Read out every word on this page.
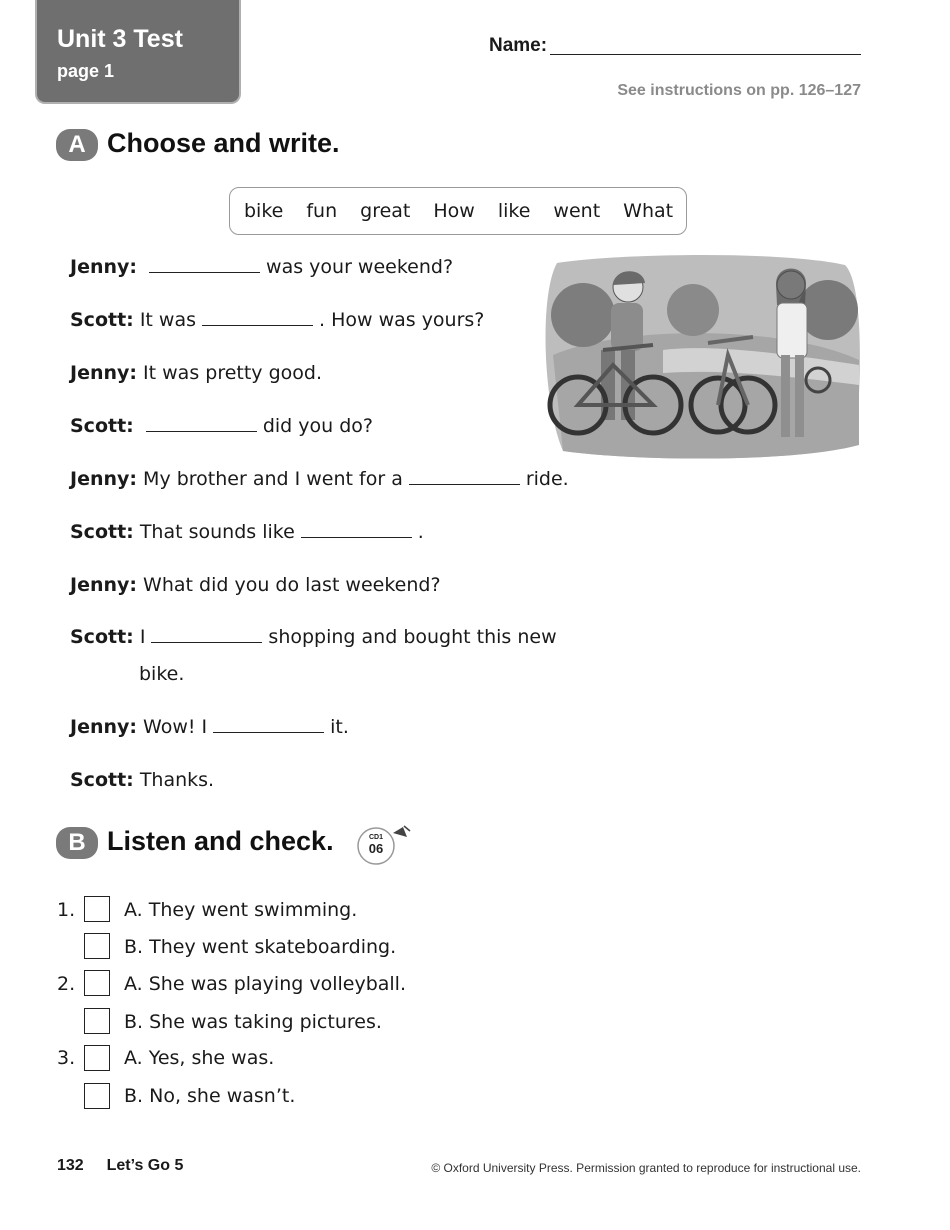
Unit 3 Test
page 1
Name:
See instructions on pp. 126–127
A Choose and write.
bike fun great How like went What
Jenny:	was your weekend?
Scott: It was	. How was yours?
Jenny: It was pretty good.
Scott:	did you do?
Jenny: My brother and I went for a	ride.
Scott: That sounds like	.
Jenny: What did you do last weekend?
Scott: I	shopping and bought this new
bike.
Jenny: Wow! I	it.
Scott: Thanks.
B Listen and check.	CD1
06
1.	A. They went swimming.
B. They went skateboarding.
2.	A. She was playing volleyball.
B. She was taking pictures.
3.	A. Yes, she was.
B. No, she wasn’t.
132 Let’s Go 5	© Oxford University Press. Permission granted to reproduce for instructional use.
